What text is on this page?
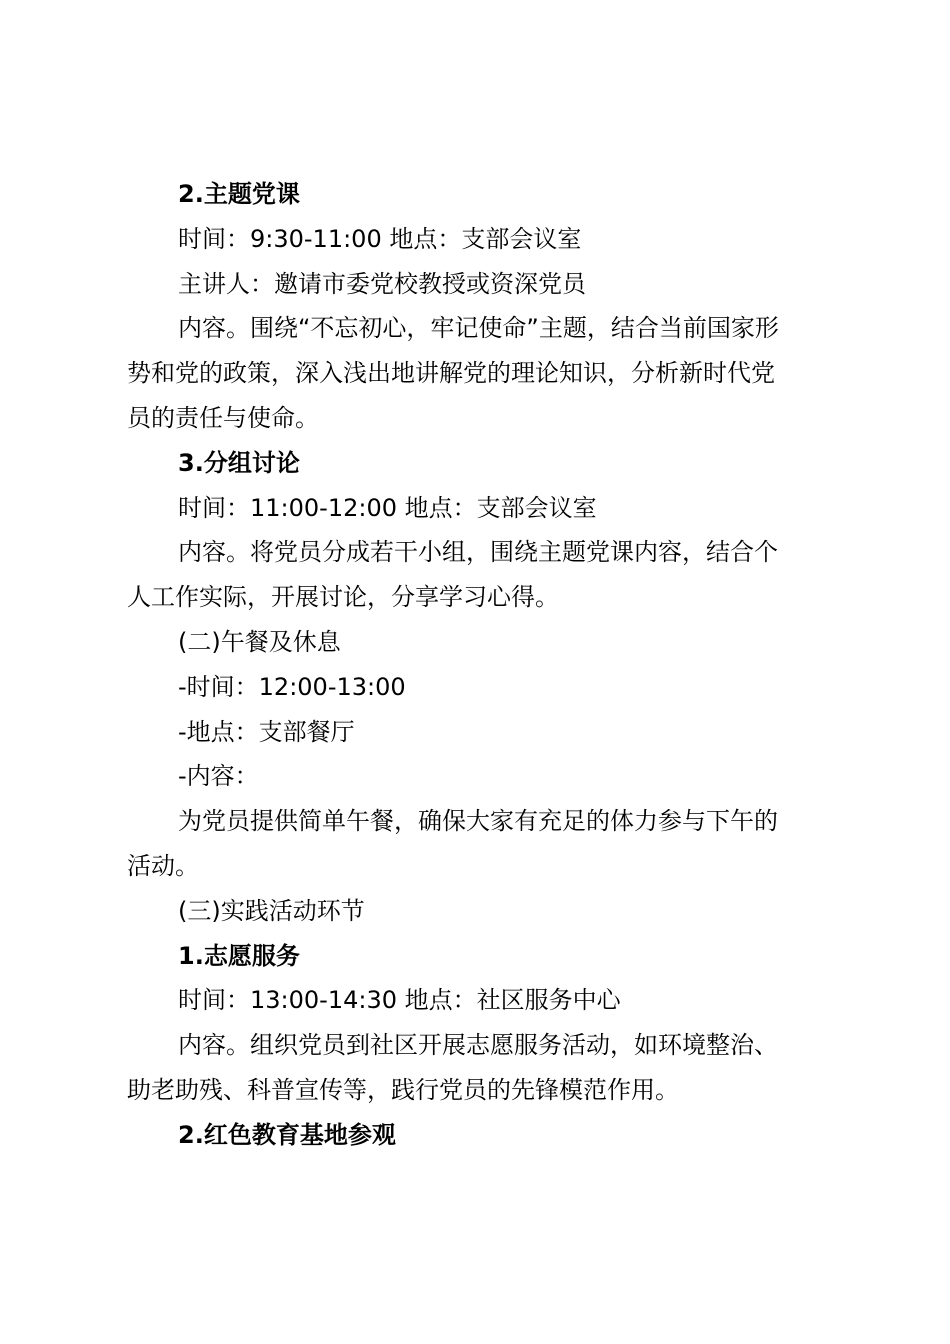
2.主题党课

时间：9:30-11:00 地点：支部会议室

主讲人：邀请市委党校教授或资深党员

内容。围绕“不忘初心，牢记使命”主题，结合当前国家形

势和党的政策，深入浅出地讲解党的理论知识，分析新时代党

员的责任与使命。

3.分组讨论

时间：11:00-12:00 地点：支部会议室

内容。将党员分成若干小组，围绕主题党课内容，结合个

人工作实际，开展讨论，分享学习心得。

(二)午餐及休息

-时间：12:00-13:00

-地点：支部餐厅

-内容：

为党员提供简单午餐，确保大家有充足的体力参与下午的

活动。

(三)实践活动环节

1.志愿服务

时间：13:00-14:30 地点：社区服务中心

内容。组织党员到社区开展志愿服务活动，如环境整治、

助老助残、科普宣传等，践行党员的先锋模范作用。

2.红色教育基地参观
